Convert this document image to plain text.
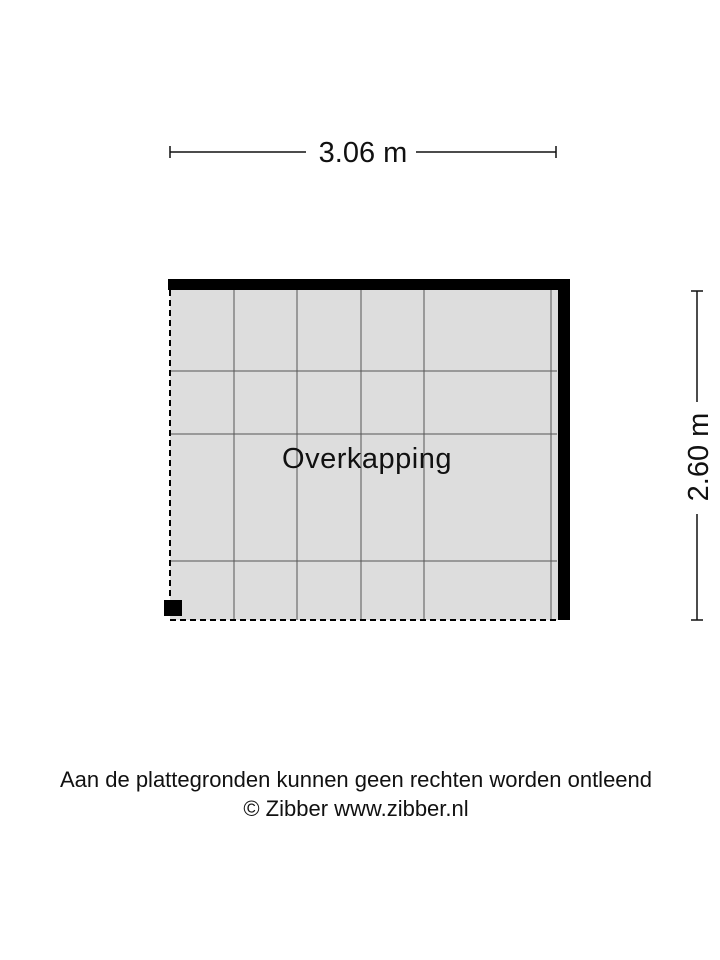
3.06 m
2.60 m
Overkapping
Aan de plattegronden kunnen geen rechten worden ontleend
© Zibber www.zibber.nl
